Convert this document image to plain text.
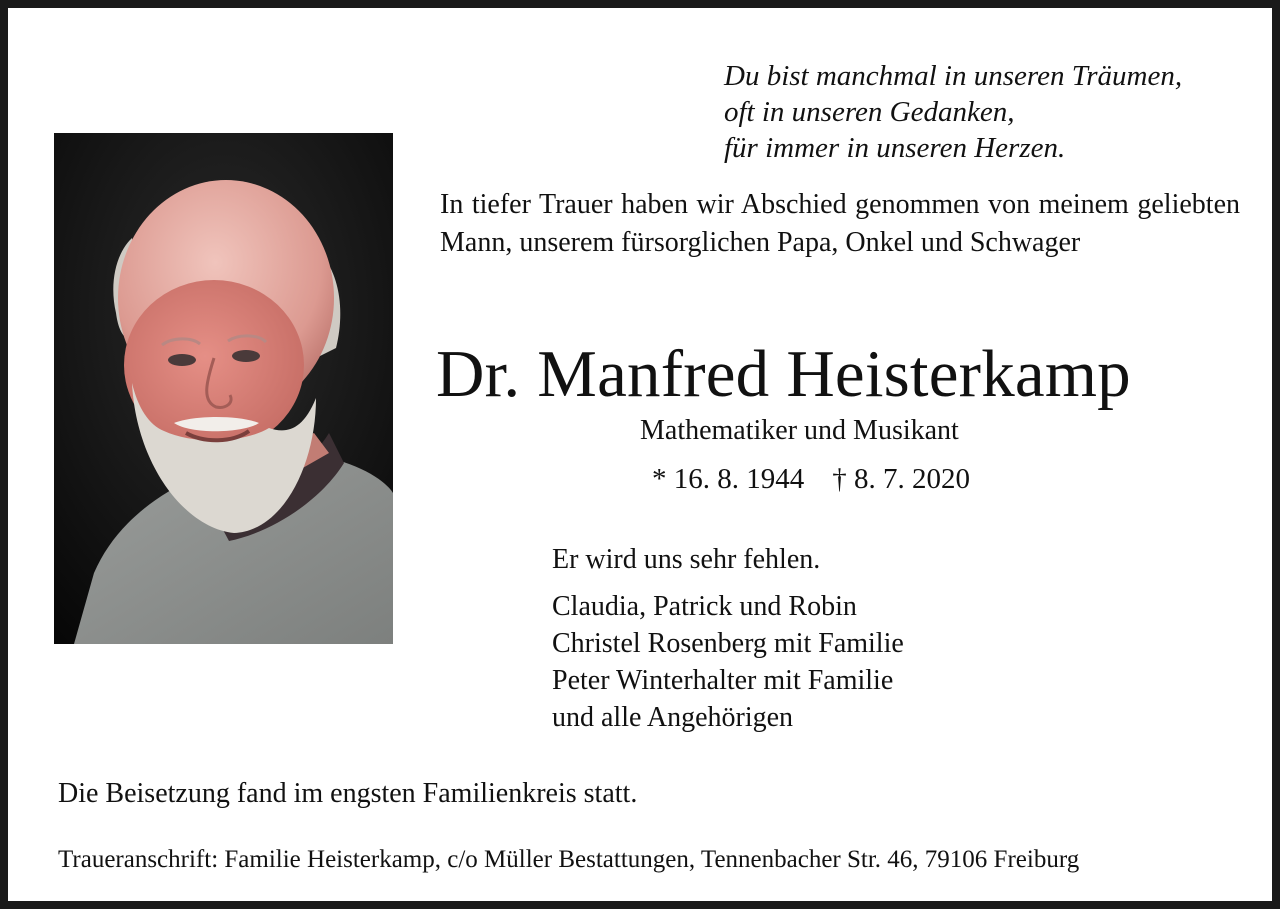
Du bist manchmal in unseren Träumen,
oft in unseren Gedanken,
für immer in unseren Herzen.
In tiefer Trauer haben wir Abschied genommen von meinem geliebten Mann, unserem fürsorglichen Papa, Onkel und Schwager
Dr. Manfred Heisterkamp
Mathematiker und Musikant
* 16. 8. 1944 † 8. 7. 2020
Er wird uns sehr fehlen.
Claudia, Patrick und Robin
Christel Rosenberg mit Familie
Peter Winterhalter mit Familie
und alle Angehörigen
Die Beisetzung fand im engsten Familienkreis statt.
Traueranschrift: Familie Heisterkamp, c/o Müller Bestattungen, Tennenbacher Str. 46, 79106 Freiburg
